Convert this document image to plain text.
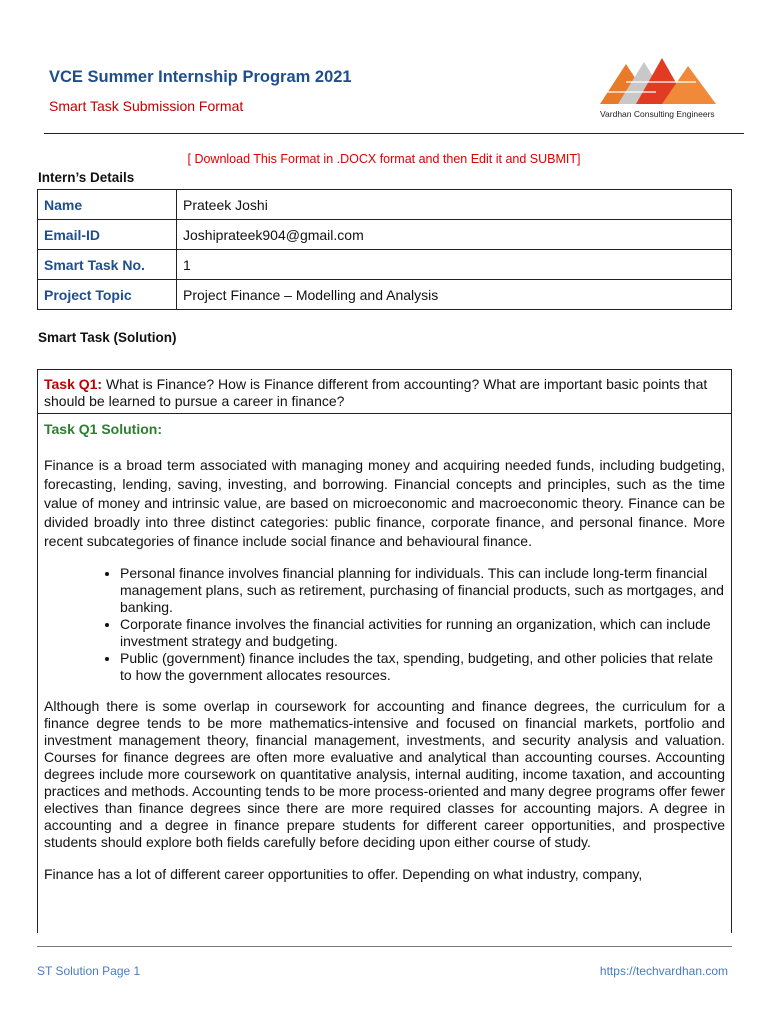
VCE Summer Internship Program 2021
Smart Task Submission Format	Vardhan Consulting Engineers
[ Download This Format in .DOCX format and then Edit it and SUBMIT]
Intern’s Details
Name	Prateek Joshi
Email-ID	Joshiprateek904@gmail.com
Smart Task No.	1
Project Topic	Project Finance – Modelling and Analysis
Smart Task (Solution)
Task Q1: What is Finance? How is Finance different from accounting? What are important basic points that should be learned to pursue a career in finance?
Task Q1 Solution:
Finance is a broad term associated with managing money and acquiring needed funds, including budgeting, forecasting, lending, saving, investing, and borrowing. Financial concepts and principles, such as the time value of money and intrinsic value, are based on microeconomic and macroeconomic theory. Finance can be divided broadly into three distinct categories: public finance, corporate finance, and personal finance. More recent subcategories of finance include social finance and behavioural finance.
• Personal finance involves financial planning for individuals. This can include long-term financial management plans, such as retirement, purchasing of financial products, such as mortgages, and banking.
• Corporate finance involves the financial activities for running an organization, which can include investment strategy and budgeting.
• Public (government) finance includes the tax, spending, budgeting, and other policies that relate to how the government allocates resources.
Although there is some overlap in coursework for accounting and finance degrees, the curriculum for a finance degree tends to be more mathematics-intensive and focused on financial markets, portfolio and investment management theory, financial management, investments, and security analysis and valuation. Courses for finance degrees are often more evaluative and analytical than accounting courses. Accounting degrees include more coursework on quantitative analysis, internal auditing, income taxation, and accounting practices and methods. Accounting tends to be more process-oriented and many degree programs offer fewer electives than finance degrees since there are more required classes for accounting majors. A degree in accounting and a degree in finance prepare students for different career opportunities, and prospective students should explore both fields carefully before deciding upon either course of study.
Finance has a lot of different career opportunities to offer. Depending on what industry, company,
ST Solution Page 1	https://techvardhan.com
